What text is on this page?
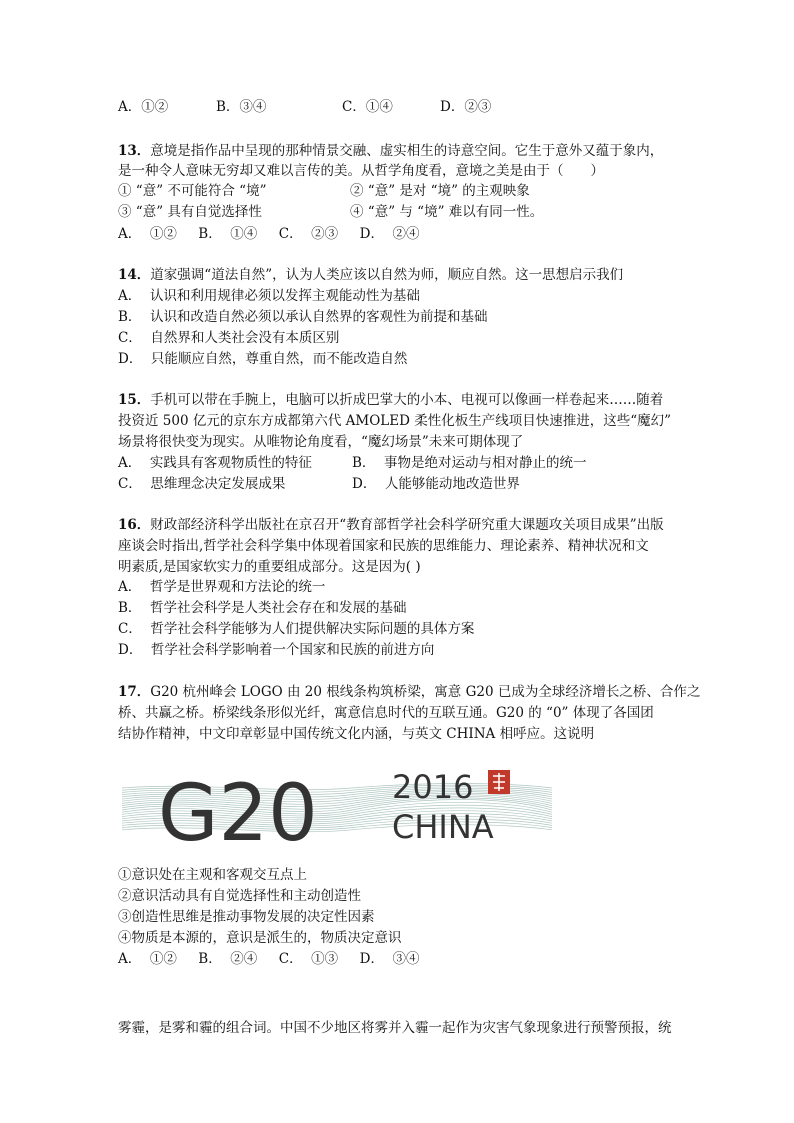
A．①②	B．③④	C．①④	D．②③
13．意境是指作品中呈现的那种情景交融、虚实相生的诗意空间。它生于意外又蕴于象内，
是一种令人意味无穷却又难以言传的美。从哲学角度看，意境之美是由于（　　）
① “意” 不可能符合 “境”	② “意” 是对 “境” 的主观映象
③ “意” 具有自觉选择性	④ “意” 与 “境” 难以有同一性。
A．  ①②     B．  ①④     C．  ②③     D．  ②④
14．道家强调“道法自然”，认为人类应该以自然为师，顺应自然。这一思想启示我们
A．  认识和利用规律必须以发挥主观能动性为基础
B．  认识和改造自然必须以承认自然界的客观性为前提和基础
C．  自然界和人类社会没有本质区别
D．  只能顺应自然，尊重自然，而不能改造自然
15．手机可以带在手腕上，电脑可以折成巴掌大的小本、电视可以像画一样卷起来……随着
投资近 500 亿元的京东方成都第六代 AMOLED 柔性化板生产线项目快速推进，这些“魔幻”
场景将很快变为现实。从唯物论角度看，“魔幻场景”未来可期体现了
A．  实践具有客观物质性的特征	B．  事物是绝对运动与相对静止的统一
C．  思维理念决定发展成果	D．  人能够能动地改造世界
16．财政部经济科学出版社在京召开“教育部哲学社会科学研究重大课题攻关项目成果”出版
座谈会时指出,哲学社会科学集中体现着国家和民族的思维能力、理论素养、精神状况和文
明素质,是国家软实力的重要组成部分。这是因为( )
A．  哲学是世界观和方法论的统一
B．  哲学社会科学是人类社会存在和发展的基础
C．  哲学社会科学能够为人们提供解决实际问题的具体方案
D．  哲学社会科学影响着一个国家和民族的前进方向
17．G20 杭州峰会 LOGO 由 20 根线条构筑桥梁，寓意 G20 已成为全球经济增长之桥、合作之
桥、共赢之桥。桥梁线条形似光纤，寓意信息时代的互联互通。G20 的 “0” 体现了各国团
结协作精神，中文印章彰显中国传统文化内涵，与英文 CHINA 相呼应。这说明
G20 2016
CHINA
①意识处在主观和客观交互点上
②意识活动具有自觉选择性和主动创造性
③创造性思维是推动事物发展的决定性因素
④物质是本源的，意识是派生的，物质决定意识
A．  ①②     B．  ②④     C．  ①③     D．  ③④
雾霾，是雾和霾的组合词。中国不少地区将雾并入霾一起作为灾害气象现象进行预警预报，统
